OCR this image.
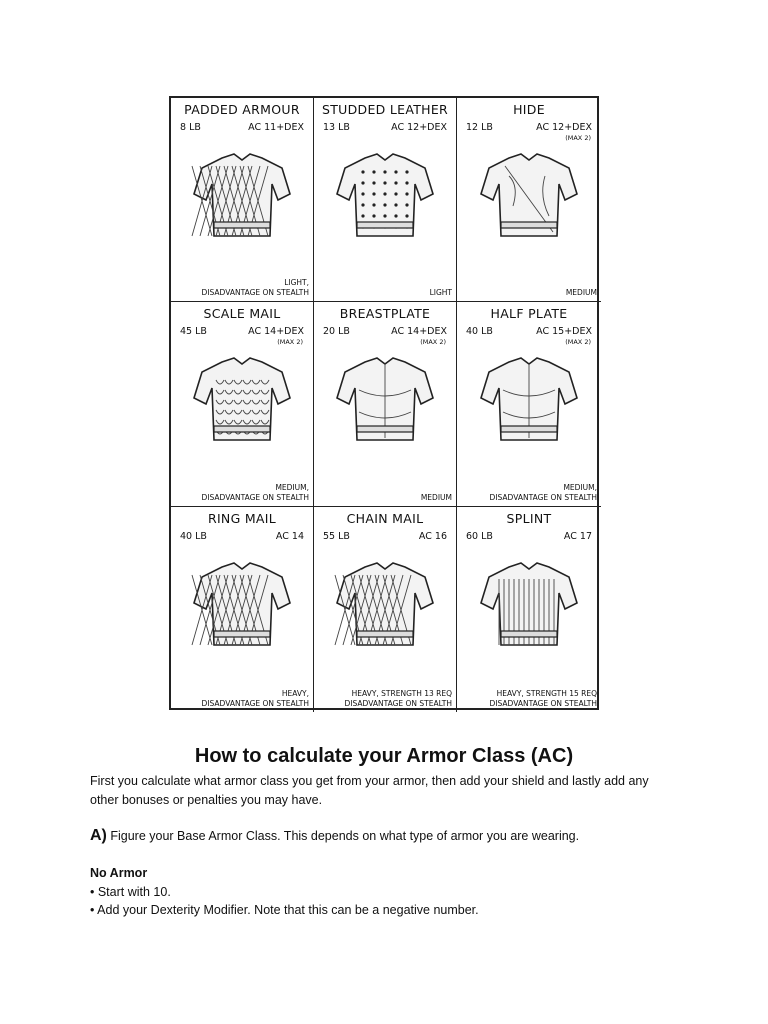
PADDED ARMOUR
8 LB	AC 11+DEX
LIGHT,
DISADVANTAGE ON STEALTH
STUDDED LEATHER
13 LB	AC 12+DEX
LIGHT
HIDE
12 LB	AC 12+DEX
(MAX 2)
MEDIUM
SCALE MAIL
45 LB	AC 14+DEX
(MAX 2)
MEDIUM,
DISADVANTAGE ON STEALTH
BREASTPLATE
20 LB	AC 14+DEX
(MAX 2)
MEDIUM
HALF PLATE
40 LB	AC 15+DEX
(MAX 2)
MEDIUM,
DISADVANTAGE ON STEALTH
RING MAIL
40 LB	AC 14
HEAVY,
DISADVANTAGE ON STEALTH
CHAIN MAIL
55 LB	AC 16
HEAVY, STRENGTH 13 REQ
DISADVANTAGE ON STEALTH
SPLINT
60 LB	AC 17
HEAVY, STRENGTH 15 REQ
DISADVANTAGE ON STEALTH
How to calculate your Armor Class (AC)

First you calculate what armor class you get from your armor, then add your shield and lastly add any

other bonuses or penalties you may have.

A) Figure your Base Armor Class. This depends on what type of armor you are wearing.

No Armor

• Start with 10.

• Add your Dexterity Modifier. Note that this can be a negative number.
